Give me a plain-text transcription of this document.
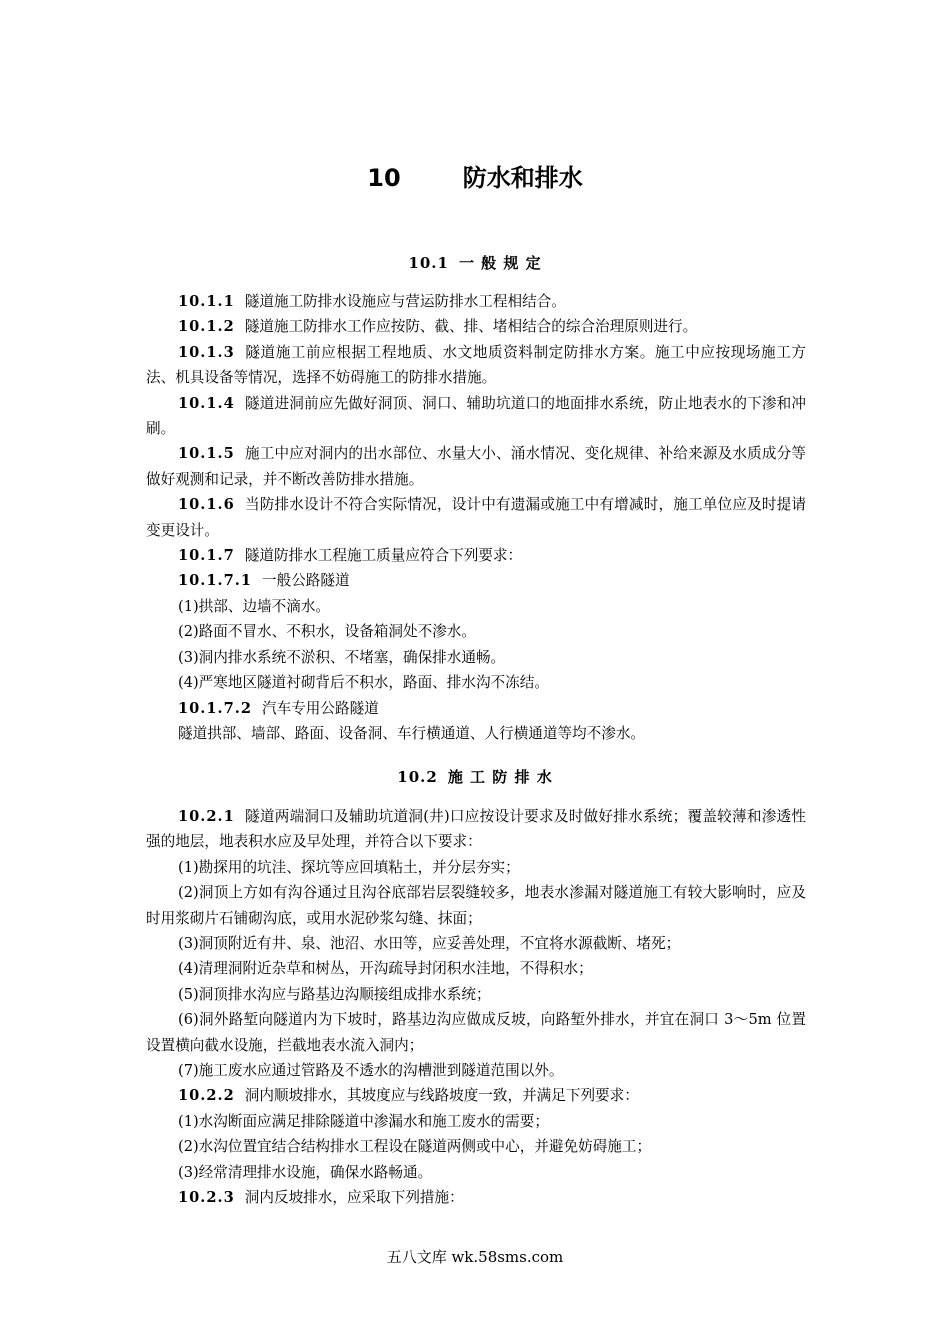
10	防水和排水
10.1 一 般 规 定

10.1.1 隧道施工防排水设施应与营运防排水工程相结合。

10.1.2 隧道施工防排水工作应按防、截、排、堵相结合的综合治理原则进行。

10.1.3 隧道施工前应根据工程地质、水文地质资料制定防排水方案。施工中应按现场施工方法、机具设备等情况，选择不妨碍施工的防排水措施。

10.1.4 隧道进洞前应先做好洞顶、洞口、辅助坑道口的地面排水系统，防止地表水的下渗和冲刷。

10.1.5 施工中应对洞内的出水部位、水量大小、涌水情况、变化规律、补给来源及水质成分等做好观测和记录，并不断改善防排水措施。

10.1.6 当防排水设计不符合实际情况，设计中有遗漏或施工中有增减时，施工单位应及时提请变更设计。

10.1.7 隧道防排水工程施工质量应符合下列要求：

10.1.7.1 一般公路隧道

(1)拱部、边墙不滴水。

(2)路面不冒水、不积水，设备箱洞处不渗水。

(3)洞内排水系统不淤积、不堵塞，确保排水通畅。

(4)严寒地区隧道衬砌背后不积水，路面、排水沟不冻结。

10.1.7.2 汽车专用公路隧道

隧道拱部、墙部、路面、设备洞、车行横通道、人行横通道等均不渗水。

10.2 施 工 防 排 水

10.2.1 隧道两端洞口及辅助坑道洞(井)口应按设计要求及时做好排水系统；覆盖较薄和渗透性强的地层，地表积水应及早处理，并符合以下要求：

(1)勘探用的坑洼、探坑等应回填粘土，并分层夯实；

(2)洞顶上方如有沟谷通过且沟谷底部岩层裂缝较多，地表水渗漏对隧道施工有较大影响时，应及时用浆砌片石铺砌沟底，或用水泥砂浆勾缝、抹面；

(3)洞顶附近有井、泉、池沼、水田等，应妥善处理，不宜将水源截断、堵死；

(4)清理洞附近杂草和树丛，开沟疏导封闭积水洼地，不得积水；

(5)洞顶排水沟应与路基边沟顺接组成排水系统；

(6)洞外路堑向隧道内为下坡时，路基边沟应做成反坡，向路堑外排水，并宜在洞口 3～5m 位置设置横向截水设施，拦截地表水流入洞内；

(7)施工废水应通过管路及不透水的沟槽泄到隧道范围以外。

10.2.2 洞内顺坡排水，其坡度应与线路坡度一致，并满足下列要求：

(1)水沟断面应满足排除隧道中渗漏水和施工废水的需要；

(2)水沟位置宜结合结构排水工程设在隧道两侧或中心，并避免妨碍施工；

(3)经常清理排水设施，确保水路畅通。

10.2.3 洞内反坡排水，应采取下列措施：

五八文库 wk.58sms.com
